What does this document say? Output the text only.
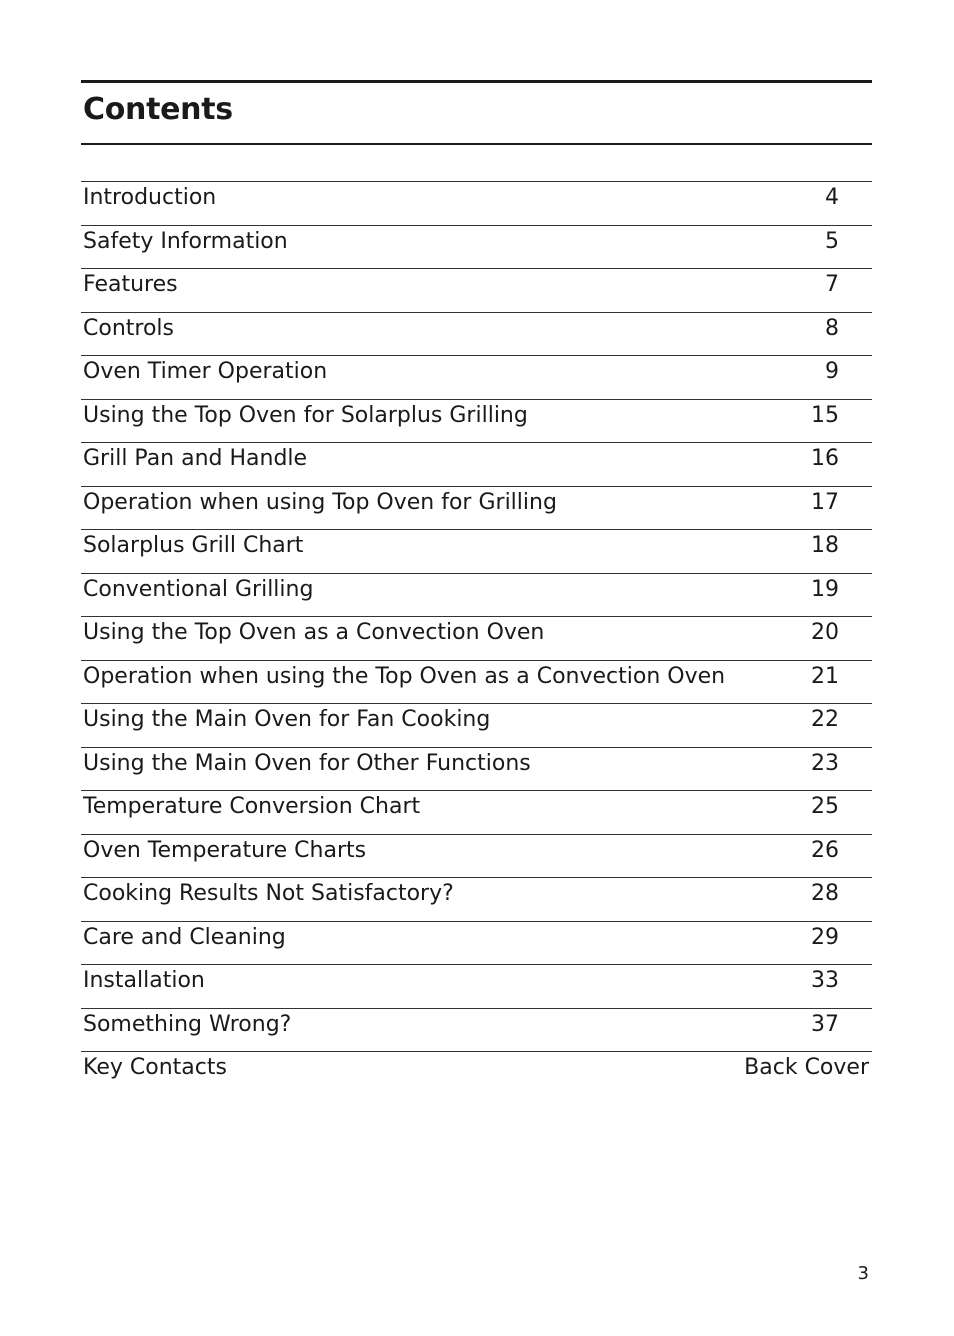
Contents
Introduction	4
Safety Information	5
Features	7
Controls	8
Oven Timer Operation	9
Using the Top Oven for Solarplus Grilling	15
Grill Pan and Handle	16
Operation when using Top Oven for Grilling	17
Solarplus Grill Chart	18
Conventional Grilling	19
Using the Top Oven as a Convection Oven	20
Operation when using the Top Oven as a Convection Oven	21
Using the Main Oven for Fan Cooking	22
Using the Main Oven for Other Functions	23
Temperature Conversion Chart	25
Oven Temperature Charts	26
Cooking Results Not Satisfactory?	28
Care and Cleaning	29
Installation	33
Something Wrong?	37
Key Contacts	Back Cover
3
